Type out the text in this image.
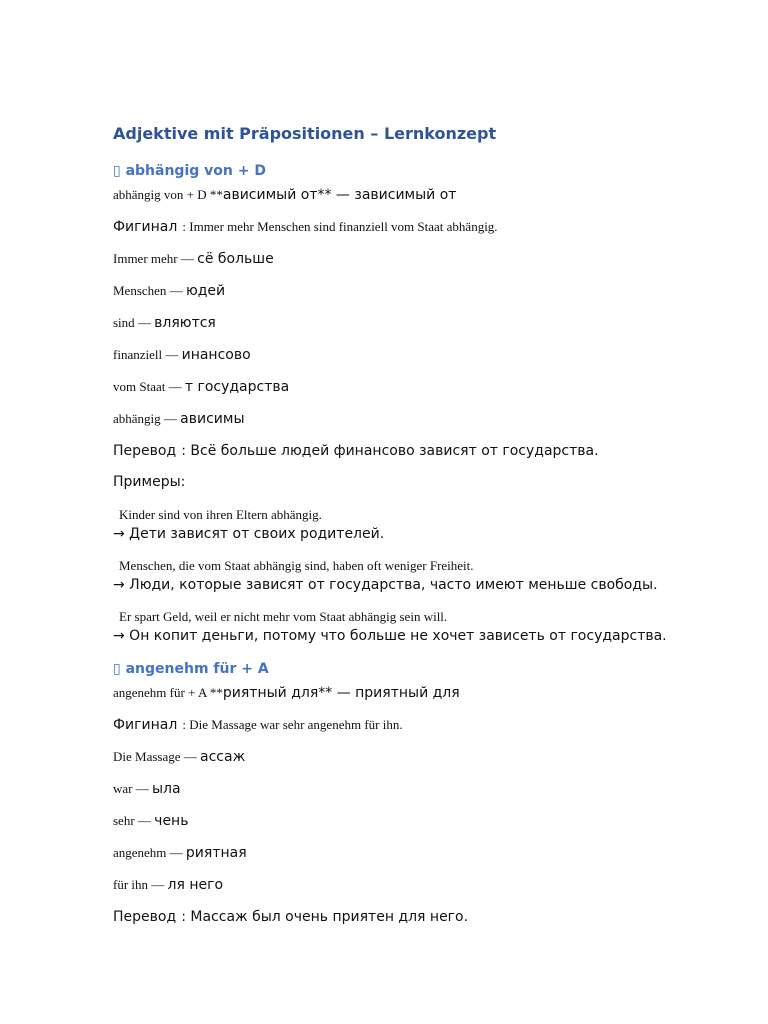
Adjektive mit Präpositionen – Lernkonzept
▯ abhängig von + D
abhängig von + D **ависимый от** — зависимый от
Фигинал : Immer mehr Menschen sind finanziell vom Staat abhängig.
Immer mehr — сё больше
Menschen — юдей
sind — вляются
finanziell — инансово
vom Staat — т государства
abhängig — ависимы
Перевод : Всё больше людей финансово зависят от государства.
Примеры:
Kinder sind von ihren Eltern abhängig.
→ Дети зависят от своих родителей.
Menschen, die vom Staat abhängig sind, haben oft weniger Freiheit.
→ Люди, которые зависят от государства, часто имеют меньше свободы.
Er spart Geld, weil er nicht mehr vom Staat abhängig sein will.
→ Он копит деньги, потому что больше не хочет зависеть от государства.
▯ angenehm für + A
angenehm für + A **риятный для** — приятный для
Фигинал : Die Massage war sehr angenehm für ihn.
Die Massage — ассаж
war — ыла
sehr — чень
angenehm — риятная
für ihn — ля него
Перевод : Массаж был очень приятен для него.
